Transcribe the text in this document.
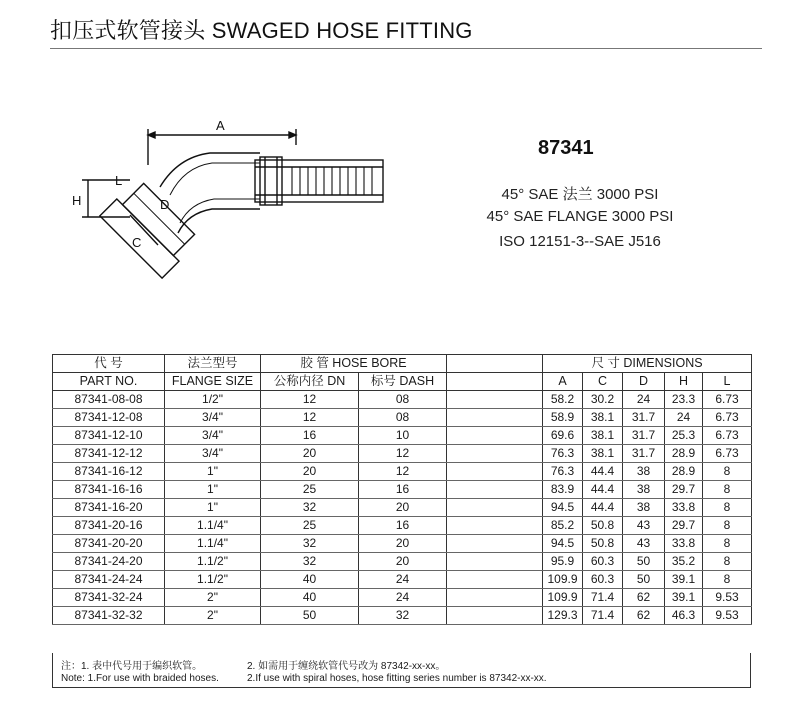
扣压式软管接头 SWAGED HOSE FITTING
A
H
L
D
C
87341
45° SAE 法兰 3000 PSI
45° SAE FLANGE 3000 PSI
ISO 12151-3--SAE J516
代 号	法兰型号	胶 管 HOSE BORE			尺 寸 DIMENSIONS				
PART NO.	FLANGE SIZE	公称内径 DN	标号 DASH		A	C	D	H	L
87341-08-08	1/2"	12	08		58.2	30.2	24	23.3	6.73
87341-12-08	3/4"	12	08		58.9	38.1	31.7	24	6.73
87341-12-10	3/4"	16	10		69.6	38.1	31.7	25.3	6.73
87341-12-12	3/4"	20	12		76.3	38.1	31.7	28.9	6.73
87341-16-12	1"	20	12		76.3	44.4	38	28.9	8
87341-16-16	1"	25	16		83.9	44.4	38	29.7	8
87341-16-20	1"	32	20		94.5	44.4	38	33.8	8
87341-20-16	1.1/4"	25	16		85.2	50.8	43	29.7	8
87341-20-20	1.1/4"	32	20		94.5	50.8	43	33.8	8
87341-24-20	1.1/2"	32	20		95.9	60.3	50	35.2	8
87341-24-24	1.1/2"	40	24		109.9	60.3	50	39.1	8
87341-32-24	2"	40	24		109.9	71.4	62	39.1	9.53
87341-32-32	2"	50	32		129.3	71.4	62	46.3	9.53
注：1. 表中代号用于编织软管。	2. 如需用于缠绕软管代号改为 87342-xx-xx。
Note: 1.For use with braided hoses.	2.If use with spiral hoses, hose fitting series number is 87342-xx-xx.
